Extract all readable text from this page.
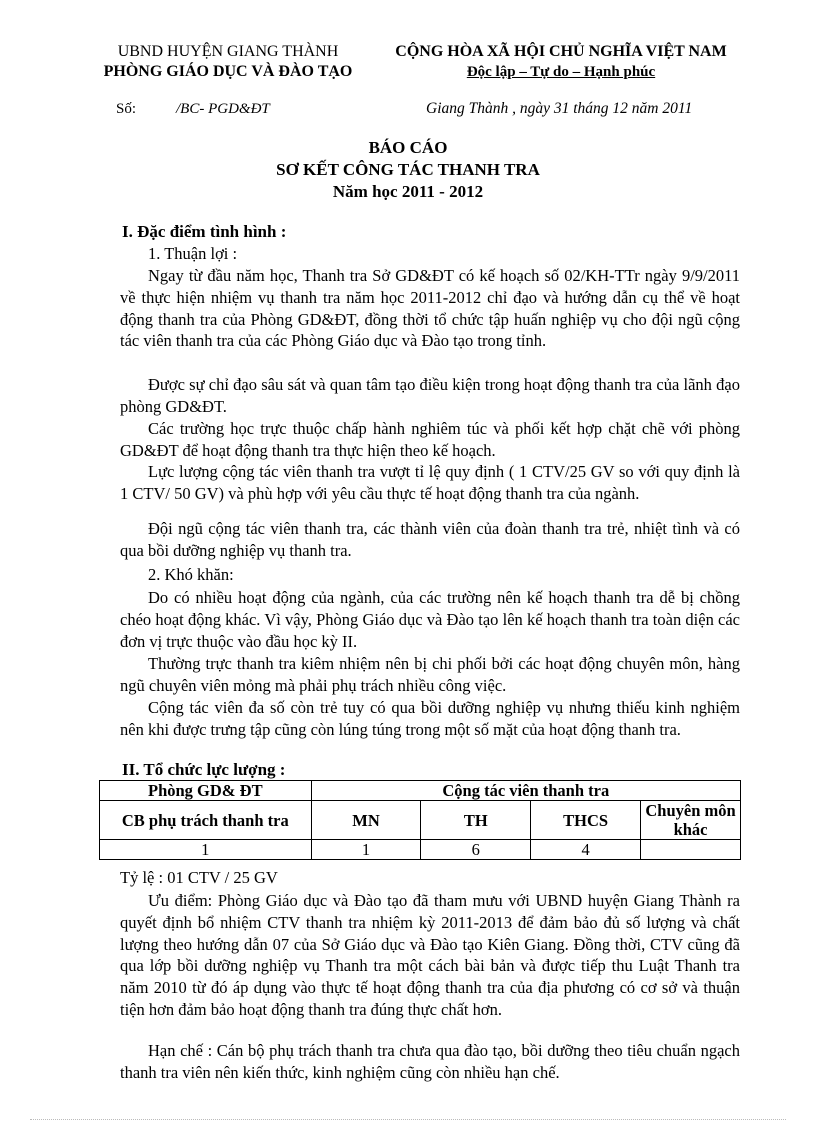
UBND HUYỆN GIANG THÀNH
PHÒNG GIÁO DỤC VÀ ĐÀO TẠO
CỘNG HÒA XÃ HỘI CHỦ NGHĨA VIỆT NAM
Độc lập – Tự do – Hạnh phúc
Số:	/BC- PGD&ĐT	Giang Thành , ngày 31 tháng 12 năm 2011
BÁO CÁO
SƠ KẾT CÔNG TÁC THANH TRA
Năm học 2011 - 2012
I. Đặc điểm tình hình :
1. Thuận lợi :
Ngay từ đầu năm học, Thanh tra Sở GD&ĐT có kế hoạch số 02/KH-TTr ngày 9/9/2011 về thực hiện nhiệm vụ thanh tra năm học 2011-2012 chỉ đạo và hướng dẫn cụ thể về hoạt động thanh tra của Phòng GD&ĐT, đồng thời tổ chức tập huấn nghiệp vụ cho đội ngũ cộng tác viên thanh tra của các Phòng Giáo dục và Đào tạo trong tỉnh.
Được sự chỉ đạo sâu sát và quan tâm tạo điều kiện trong hoạt động thanh tra của lãnh đạo phòng GD&ĐT.
Các trường học trực thuộc chấp hành nghiêm túc và phối kết hợp chặt chẽ với phòng GD&ĐT để hoạt động thanh tra thực hiện theo kế hoạch.
Lực lượng cộng tác viên thanh tra vượt tỉ lệ quy định ( 1 CTV/25 GV so với quy định là 1 CTV/ 50 GV) và phù hợp với yêu cầu thực tế hoạt động thanh tra của ngành.
Đội ngũ cộng tác viên thanh tra, các thành viên của đoàn thanh tra trẻ, nhiệt tình và có qua bồi dưỡng nghiệp vụ thanh tra.
2. Khó khăn:
Do có nhiều hoạt động của ngành, của các trường nên kế hoạch thanh tra dễ bị chồng chéo hoạt động khác. Vì vậy, Phòng Giáo dục và Đào tạo lên kế hoạch thanh tra toàn diện các đơn vị trực thuộc vào đầu học kỳ II.
Thường trực thanh tra kiêm nhiệm nên bị chi phối bởi các hoạt động chuyên môn, hàng ngũ chuyên viên mỏng mà phải phụ trách nhiều công việc.
Cộng tác viên đa số còn trẻ tuy có qua bồi dưỡng nghiệp vụ nhưng thiếu kinh nghiệm nên khi được trưng tập cũng còn lúng túng trong một số mặt của hoạt động thanh tra.
II. Tổ chức lực lượng :
Phòng GD& ĐT	Cộng tác viên thanh tra			
CB phụ trách thanh tra	MN	TH	THCS	Chuyên môn khác
1	1	6	4	
Tỷ lệ : 01 CTV / 25 GV
Ưu điểm: Phòng Giáo dục và Đào tạo đã tham mưu với UBND huyện Giang Thành ra quyết định bổ nhiệm CTV thanh tra nhiệm kỳ 2011-2013 để đảm bảo đủ số lượng và chất lượng theo hướng dẫn 07 của Sở Giáo dục và Đào tạo Kiên Giang. Đồng thời, CTV cũng đã qua lớp bồi dưỡng nghiệp vụ Thanh tra một cách bài bản và được tiếp thu Luật Thanh tra năm 2010 từ đó áp dụng vào thực tế hoạt động thanh tra của địa phương có cơ sở và thuận tiện hơn đảm bảo hoạt động thanh tra đúng thực chất hơn.
Hạn chế : Cán bộ phụ trách thanh tra chưa qua đào tạo, bồi dưỡng theo tiêu chuẩn ngạch thanh tra viên nên kiến thức, kinh nghiệm cũng còn nhiều hạn chế.
